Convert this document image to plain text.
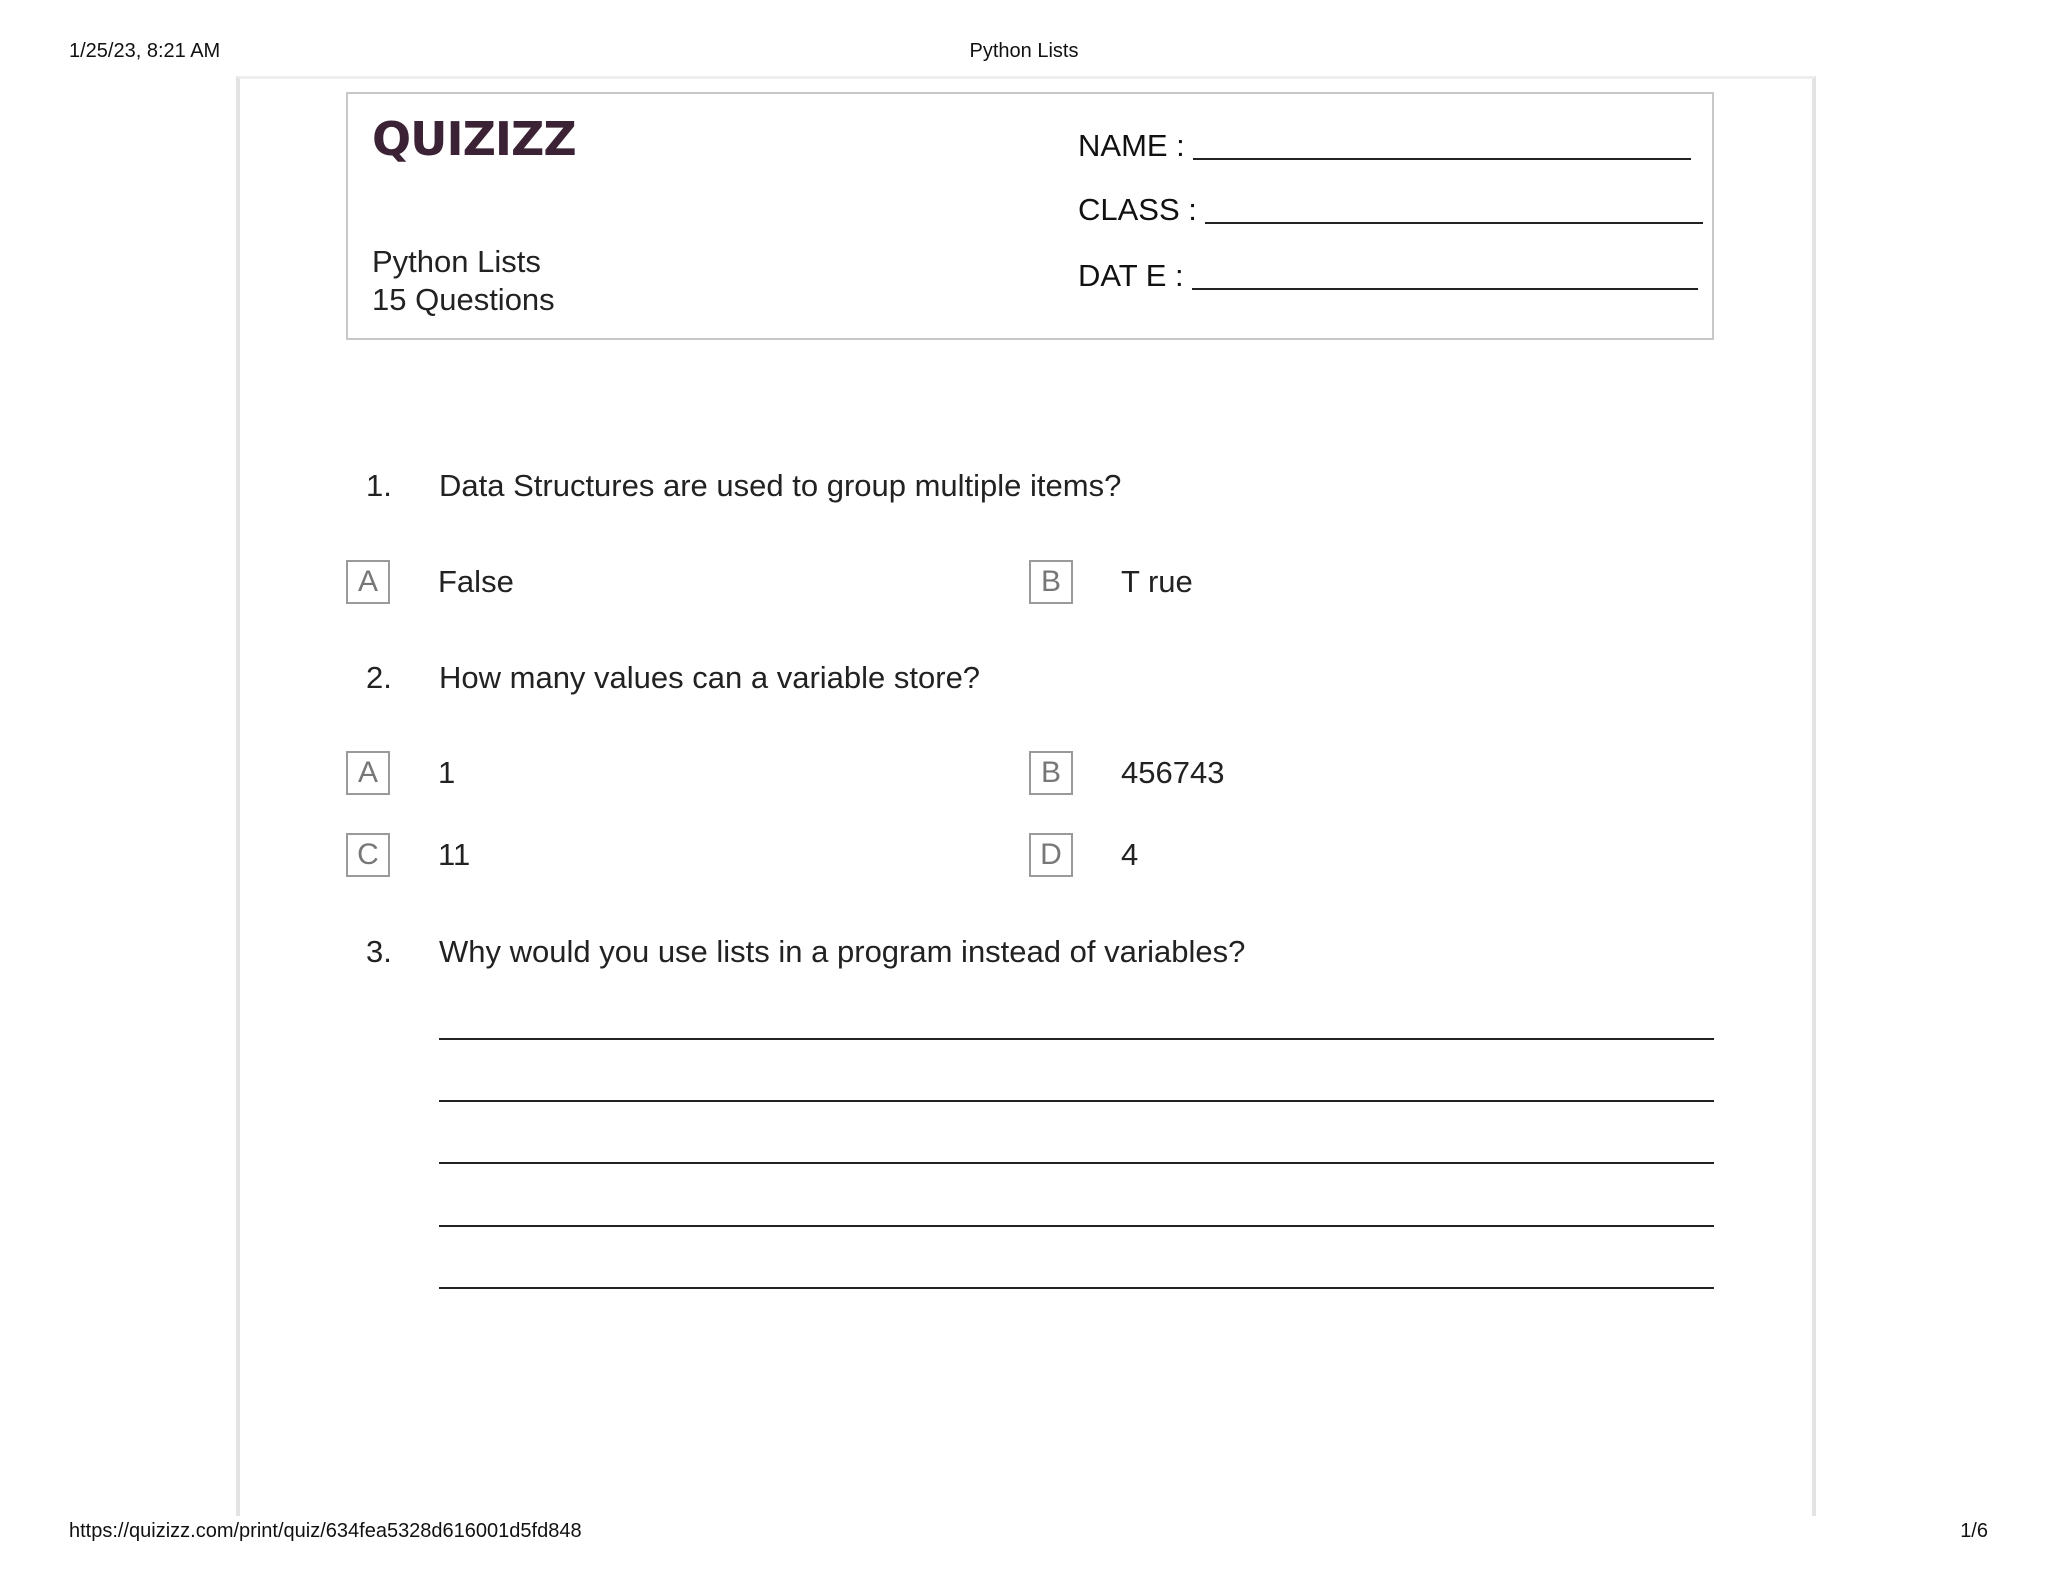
1/25/23, 8:21 AM	Python Lists
QUIZIZZ
Python Lists
15 Questions
NAME :
CLASS :
DAT E :
1. Data Structures are used to group multiple items?
A	False	B	T rue
2. How many values can a variable store?
A	1	B	456743
C	11	D	4
3. Why would you use lists in a program instead of variables?
https://quizizz.com/print/quiz/634fea5328d616001d5fd848	1/6
